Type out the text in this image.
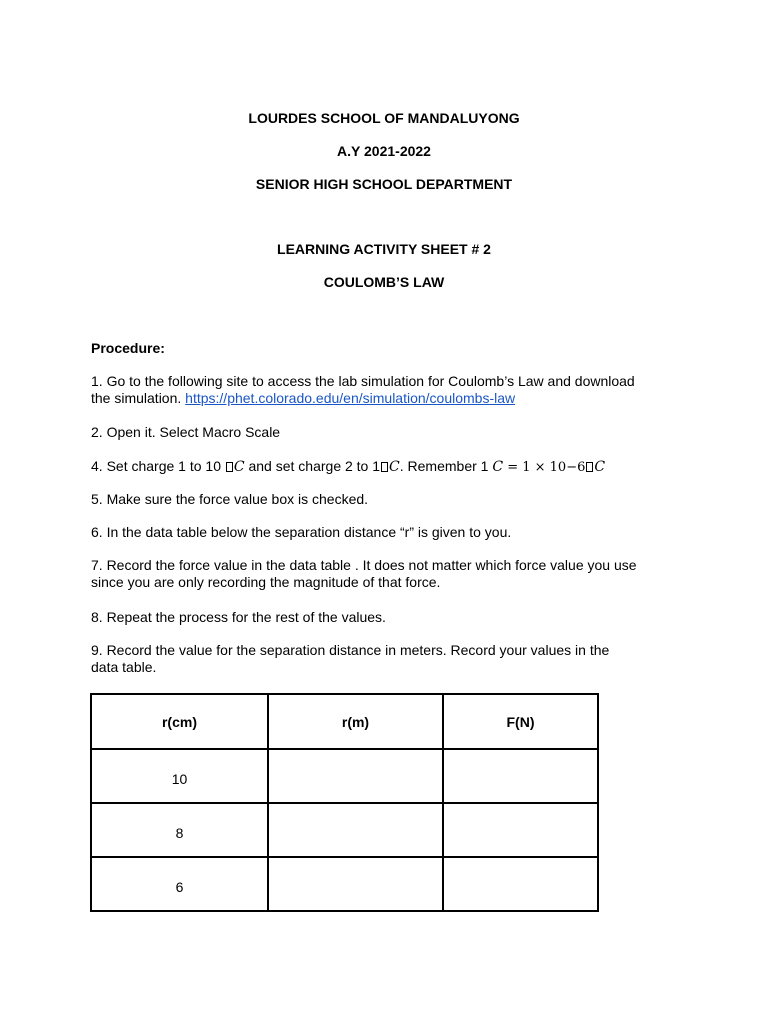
LOURDES SCHOOL OF MANDALUYONG
A.Y 2021-2022
SENIOR HIGH SCHOOL DEPARTMENT
LEARNING ACTIVITY SHEET # 2
COULOMB’S LAW
Procedure:
1. Go to the following site to access the lab simulation for Coulomb’s Law and download
the simulation. https://phet.colorado.edu/en/simulation/coulombs-law
2. Open it. Select Macro Scale
4. Set charge 1 to 10 C and set charge 2 to 1 C. Remember 1 C = 1 × 10−6 C
5. Make sure the force value box is checked.
6. In the data table below the separation distance “r” is given to you.
7. Record the force value in the data table . It does not matter which force value you use
since you are only recording the magnitude of that force.
8. Repeat the process for the rest of the values.
9. Record the value for the separation distance in meters. Record your values in the
data table.
r(cm)	r(m)	F(N)
10		
8		
6		
